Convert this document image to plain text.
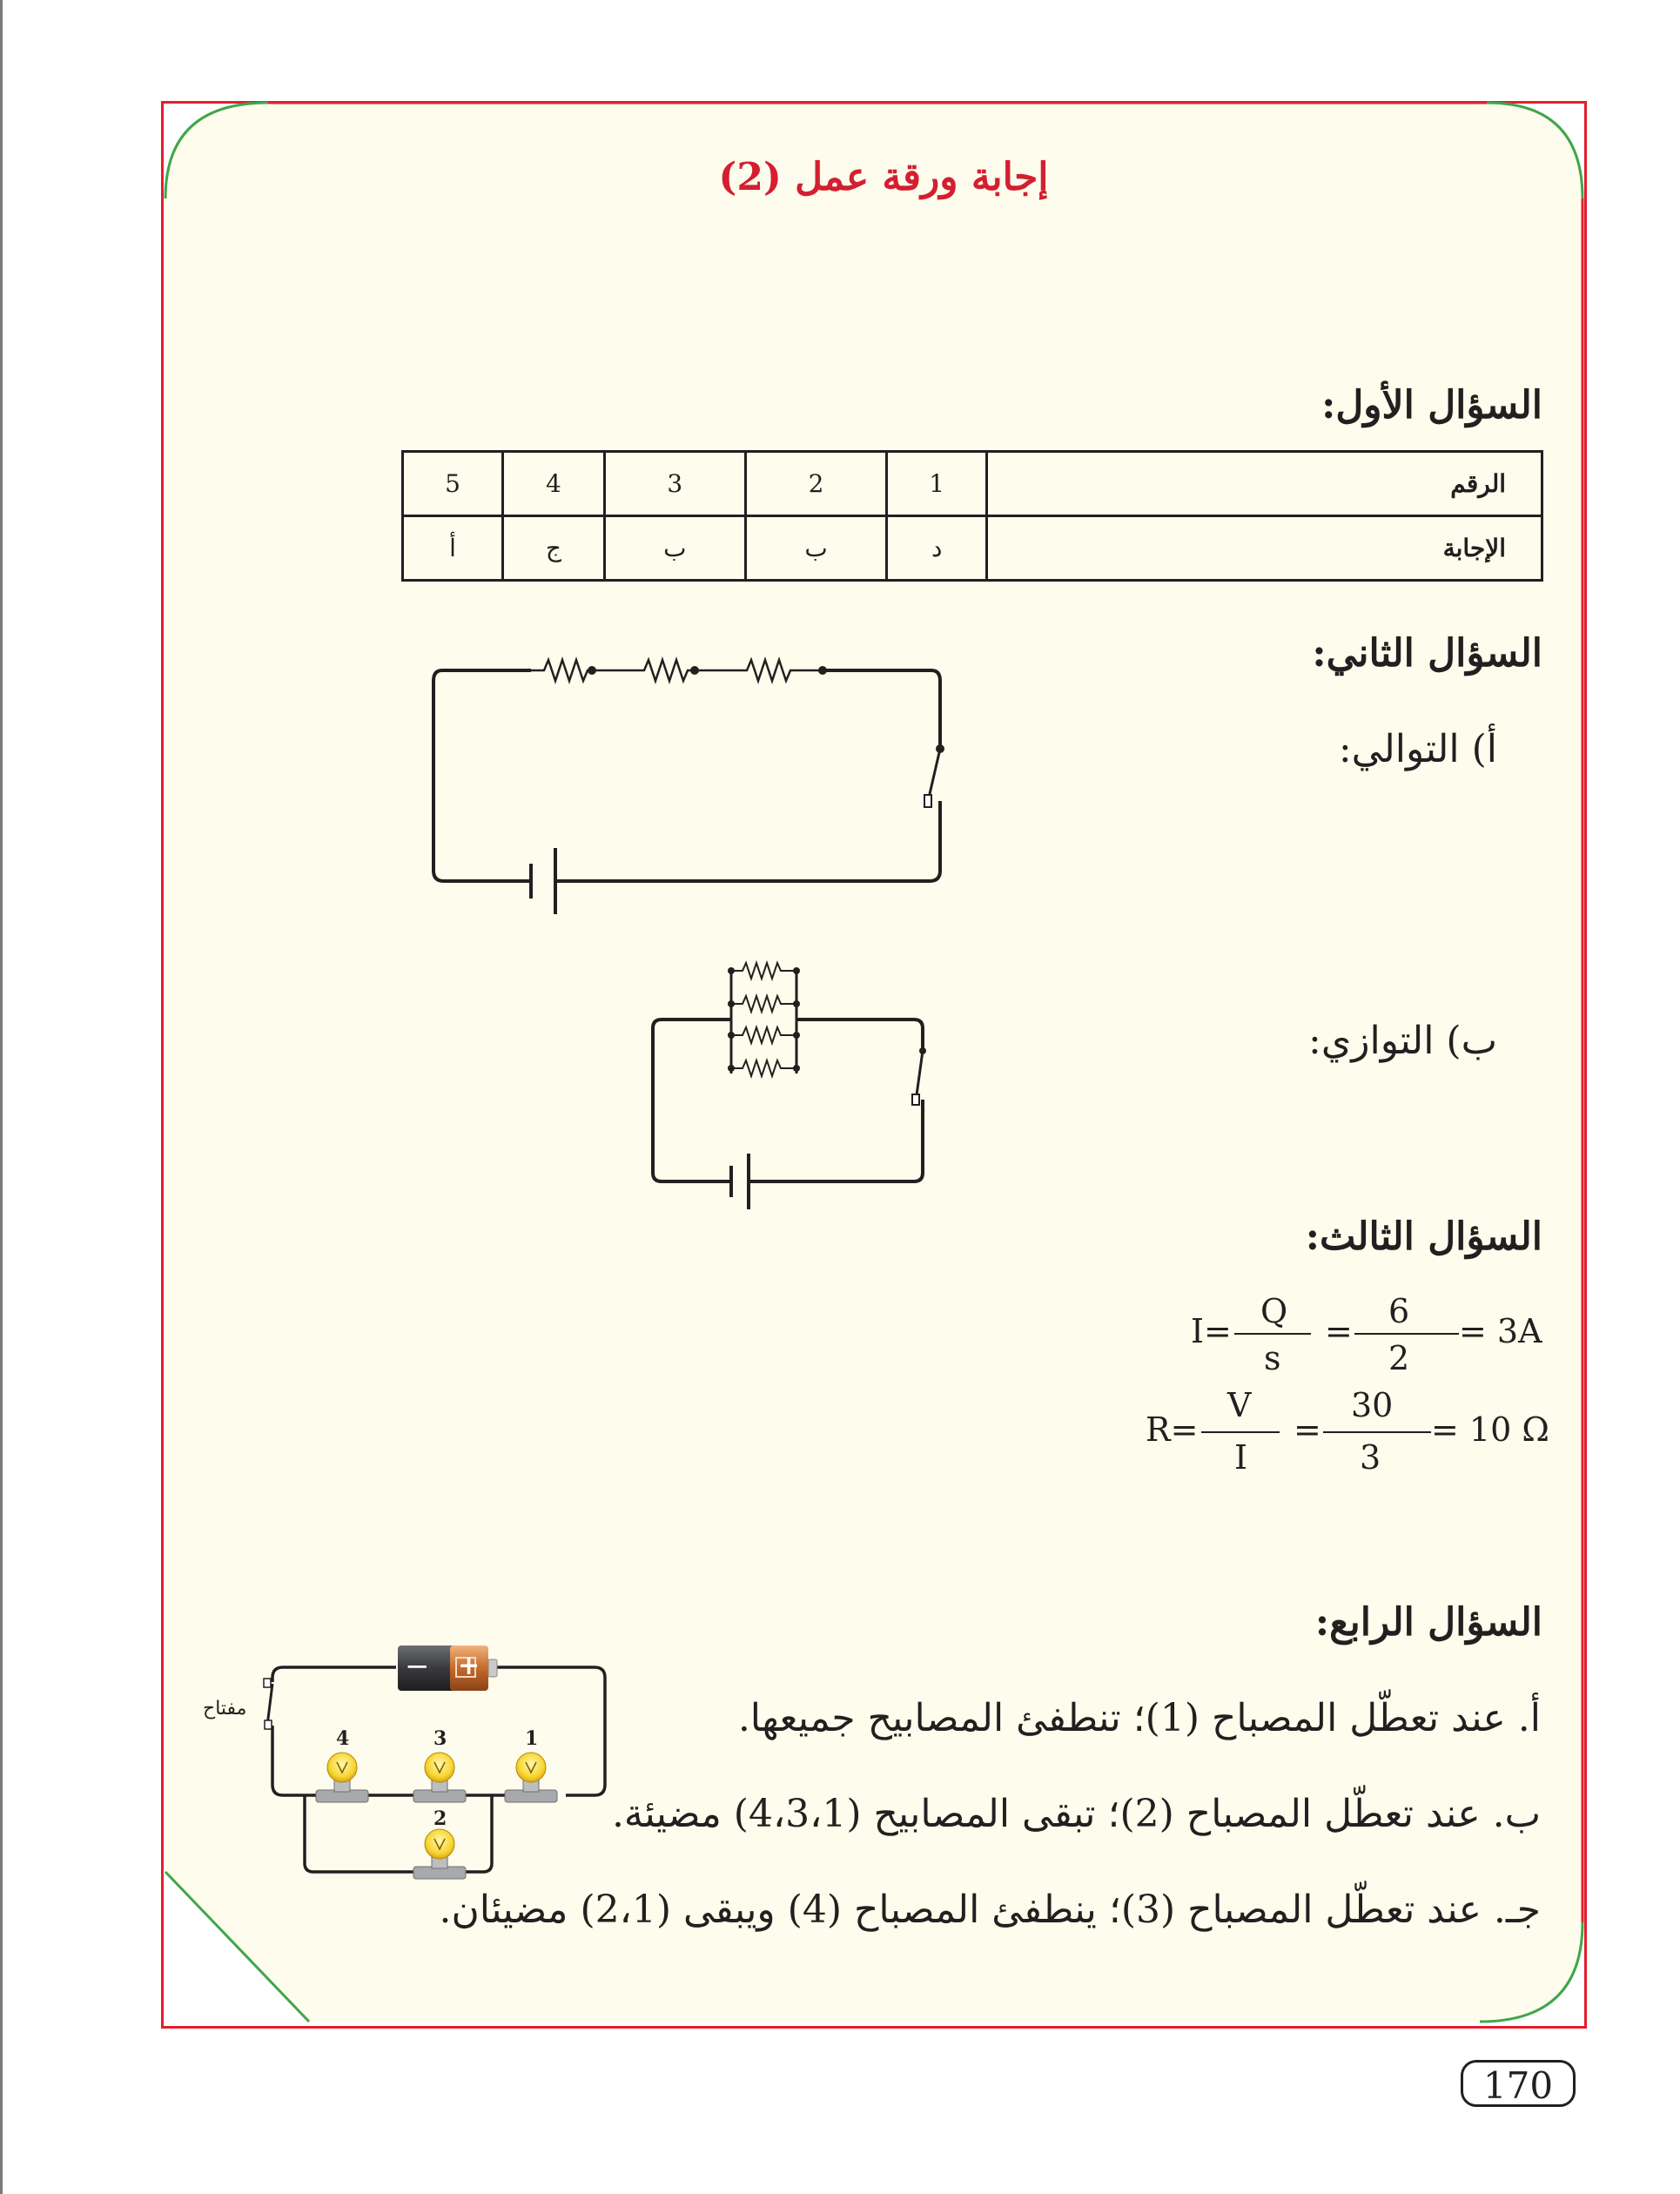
إجابة ورقة عمل (2)
السؤال الأول:
الرقم	1	2	3	4	5
الإجابة	د	ب	ب	ج	أ
السؤال الثاني:
أ) التوالي:
ب) التوازي:
السؤال الثالث:
I=
Q
s
=
6
2
= 3A
R=
V
I
=
30
3
= 10 Ω
السؤال الرابع:
أ. عند تعطّل المصباح (1)؛ تنطفئ المصابيح جميعها.
ب. عند تعطّل المصباح (2)؛ تبقى المصابيح (4،3،1) مضيئة.
جـ. عند تعطّل المصباح (3)؛ ينطفئ المصباح (4) ويبقى (2،1) مضيئان.
− +
1
3
4
2
مفتاح
170
